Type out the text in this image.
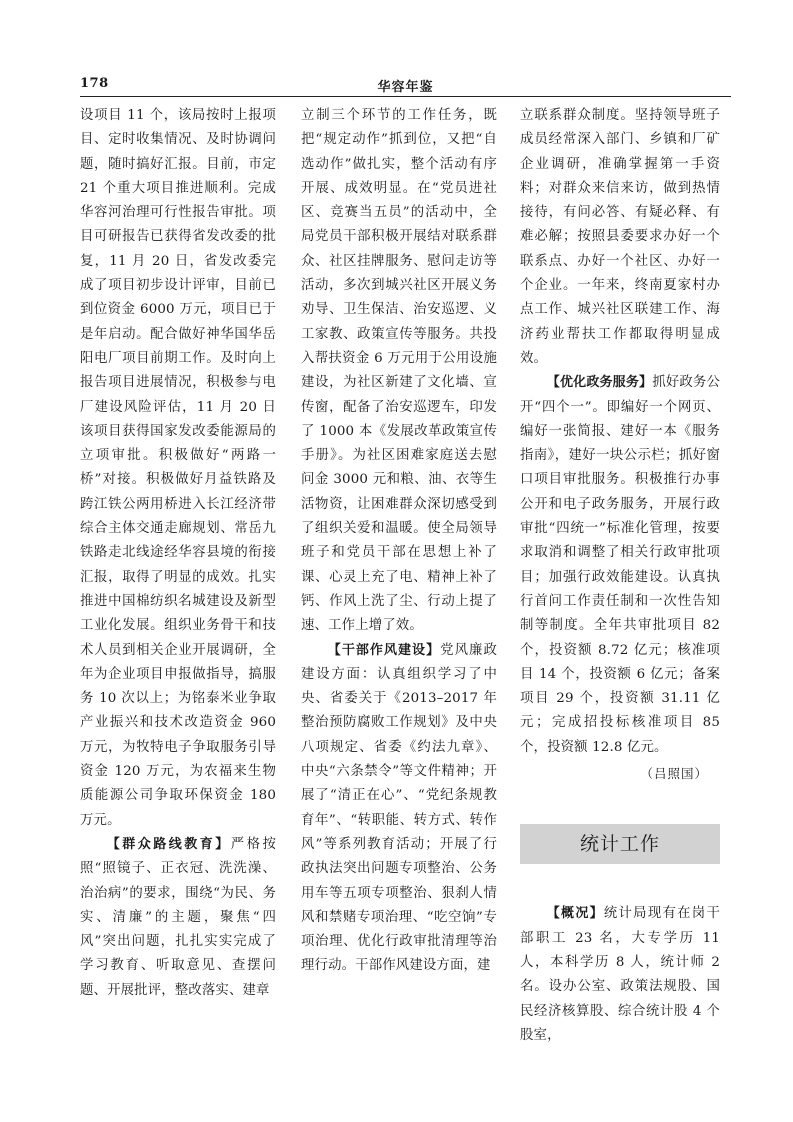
178	华容年鉴

设项目 11 个，该局按时上报项目、定时收集情况、及时协调问题，随时搞好汇报。目前，市定 21 个重大项目推进顺利。完成华容河治理可行性报告审批。项目可研报告已获得省发改委的批复，11 月 20 日，省发改委完成了项目初步设计评审，目前已到位资金 6000 万元，项目已于是年启动。配合做好神华国华岳阳电厂项目前期工作。及时向上报告项目进展情况，积极参与电厂建设风险评估，11 月 20 日该项目获得国家发改委能源局的立项审批。积极做好“两路一桥”对接。积极做好月益铁路及跨江铁公两用桥进入长江经济带综合主体交通走廊规划、常岳九铁路走北线途经华容县境的衔接汇报，取得了明显的成效。扎实推进中国棉纺织名城建设及新型工业化发展。组织业务骨干和技术人员到相关企业开展调研，全年为企业项目申报做指导，搞服务 10 次以上；为铭泰米业争取产业振兴和技术改造资金 960 万元，为牧特电子争取服务引导资金 120 万元，为农福来生物质能源公司争取环保资金 180 万元。

【群众路线教育】严格按照“照镜子、正衣冠、洗洗澡、治治病”的要求，围绕“为民、务实、清廉”的主题，聚焦“四风”突出问题，扎扎实实完成了学习教育、听取意见、查摆问题、开展批评，整改落实、建章

立制三个环节的工作任务，既把“规定动作”抓到位，又把“自选动作”做扎实，整个活动有序开展、成效明显。在“党员进社区、竞赛当五员”的活动中，全局党员干部积极开展结对联系群众、社区挂牌服务、慰问走访等活动，多次到城兴社区开展义务劝导、卫生保洁、治安巡逻、义工家教、政策宣传等服务。共投入帮扶资金 6 万元用于公用设施建设，为社区新建了文化墙、宣传窗，配备了治安巡逻车，印发了 1000 本《发展改革政策宣传手册》。为社区困难家庭送去慰问金 3000 元和粮、油、衣等生活物资，让困难群众深切感受到了组织关爱和温暖。使全局领导班子和党员干部在思想上补了课、心灵上充了电、精神上补了钙、作风上洗了尘、行动上提了速、工作上增了效。

【干部作风建设】党风廉政建设方面：认真组织学习了中央、省委关于《2013–2017 年整治预防腐败工作规划》及中央八项规定、省委《约法九章》、中央“六条禁令”等文件精神；开展了“清正在心”、“党纪条规教育年”、“转职能、转方式、转作风”等系列教育活动；开展了行政执法突出问题专项整治、公务用车等五项专项整治、狠刹人情风和禁赌专项治理、“吃空饷”专项治理、优化行政审批清理等治理行动。干部作风建设方面，建

立联系群众制度。坚持领导班子成员经常深入部门、乡镇和厂矿企业调研，准确掌握第一手资料；对群众来信来访，做到热情接待，有问必答、有疑必释、有难必解；按照县委要求办好一个联系点、办好一个社区、办好一个企业。一年来，终南夏家村办点工作、城兴社区联建工作、海济药业帮扶工作都取得明显成效。

【优化政务服务】抓好政务公开“四个一”。即编好一个网页、编好一张简报、建好一本《服务指南》，建好一块公示栏；抓好窗口项目审批服务。积极推行办事公开和电子政务服务，开展行政审批“四统一”标准化管理，按要求取消和调整了相关行政审批项目；加强行政效能建设。认真执行首问工作责任制和一次性告知制等制度。全年共审批项目 82 个，投资额 8.72 亿元；核准项目 14 个，投资额 6 亿元；备案项目 29 个，投资额 31.11 亿元；完成招投标核准项目 85 个，投资额 12.8 亿元。

（吕照国）
统计工作

【概况】统计局现有在岗干部职工 23 名，大专学历 11 人，本科学历 8 人，统计师 2 名。设办公室、政策法规股、国民经济核算股、综合统计股 4 个股室，
